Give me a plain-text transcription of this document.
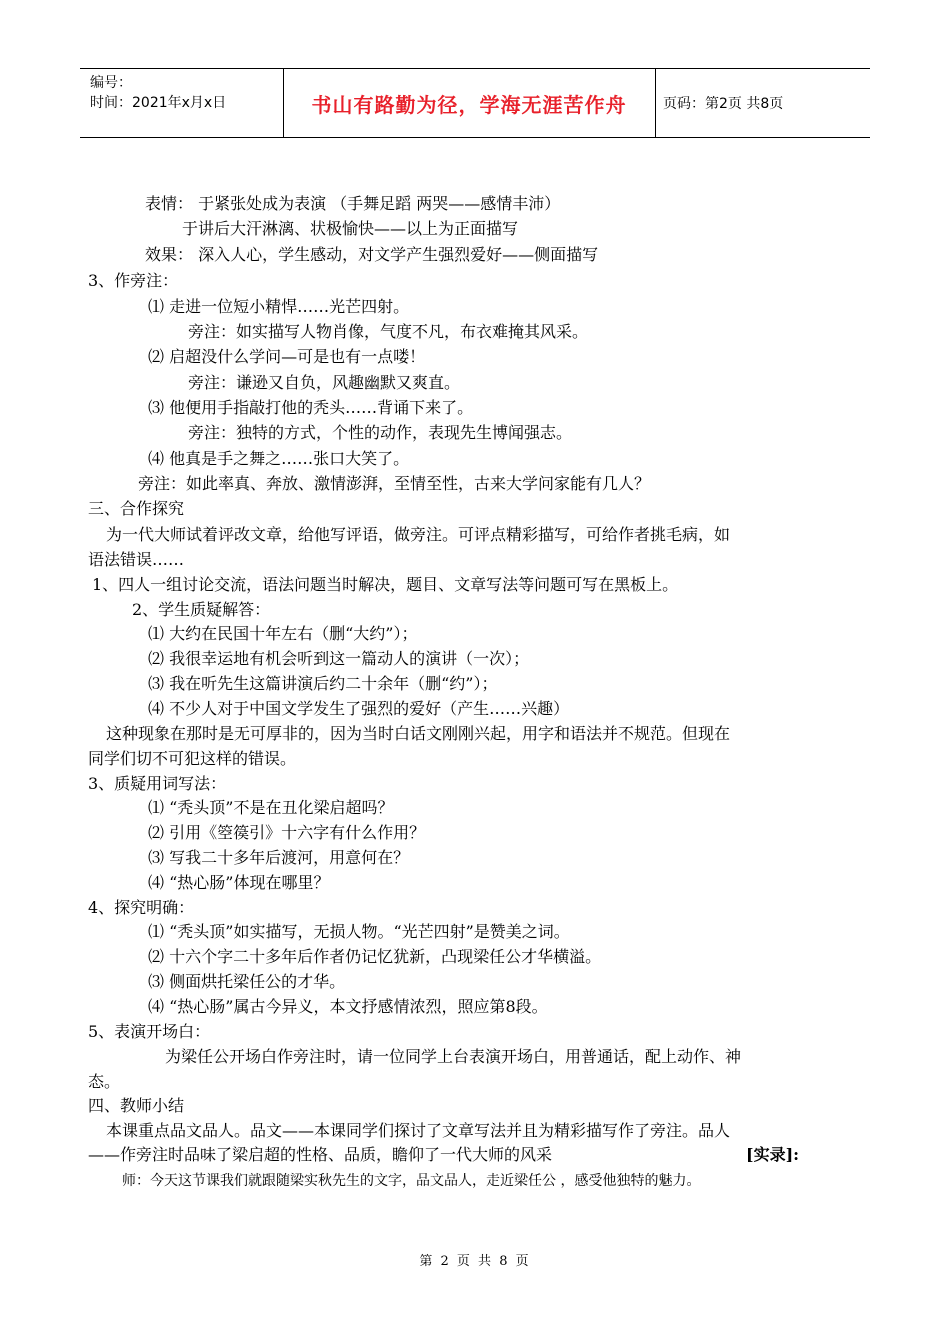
编号：
时间：2021年x月x日	书山有路勤为径，学海无涯苦作舟	页码：第2页 共8页
表情： 于紧张处成为表演 （手舞足蹈 两哭——感情丰沛）
于讲后大汗淋漓、状极愉快——以上为正面描写
效果： 深入人心，学生感动，对文学产生强烈爱好——侧面描写
3、作旁注：
⑴ 走进一位短小精悍……光芒四射。
旁注：如实描写人物肖像，气度不凡，布衣难掩其风采。
⑵ 启超没什么学问—可是也有一点喽！
旁注：谦逊又自负，风趣幽默又爽直。
⑶ 他便用手指敲打他的秃头……背诵下来了。
旁注：独特的方式，个性的动作，表现先生博闻强志。
⑷ 他真是手之舞之……张口大笑了。
旁注：如此率真、奔放、激情澎湃，至情至性，古来大学问家能有几人？
三、合作探究
为一代大师试着评改文章，给他写评语，做旁注。可评点精彩描写，可给作者挑毛病，如
语法错误……
1、四人一组讨论交流，语法问题当时解决，题目、文章写法等问题可写在黑板上。
2、学生质疑解答：
⑴ 大约在民国十年左右（删“大约”）；
⑵ 我很幸运地有机会听到这一篇动人的演讲（一次）；
⑶ 我在听先生这篇讲演后约二十余年（删“约”）；
⑷ 不少人对于中国文学发生了强烈的爱好（产生……兴趣）
这种现象在那时是无可厚非的，因为当时白话文刚刚兴起，用字和语法并不规范。但现在
同学们切不可犯这样的错误。
3、质疑用词写法：
⑴ “秃头顶”不是在丑化梁启超吗？
⑵ 引用《箜篌引》十六字有什么作用？
⑶ 写我二十多年后渡河，用意何在？
⑷ “热心肠”体现在哪里？
4、探究明确：
⑴ “秃头顶”如实描写，无损人物。“光芒四射”是赞美之词。
⑵ 十六个字二十多年后作者仍记忆犹新，凸现梁任公才华横溢。
⑶ 侧面烘托梁任公的才华。
⑷ “热心肠”属古今异义，本文抒感情浓烈，照应第8段。
5、表演开场白：
为梁任公开场白作旁注时，请一位同学上台表演开场白，用普通话，配上动作、神
态。
四、教师小结
本课重点品文品人。品文——本课同学们探讨了文章写法并且为精彩描写作了旁注。品人
——作旁注时品味了梁启超的性格、品质，瞻仰了一代大师的风采	[实录]:
师：今天这节课我们就跟随梁实秋先生的文字，品文品人，走近梁任公 ，感受他独特的魅力。
第 2 页 共 8 页
